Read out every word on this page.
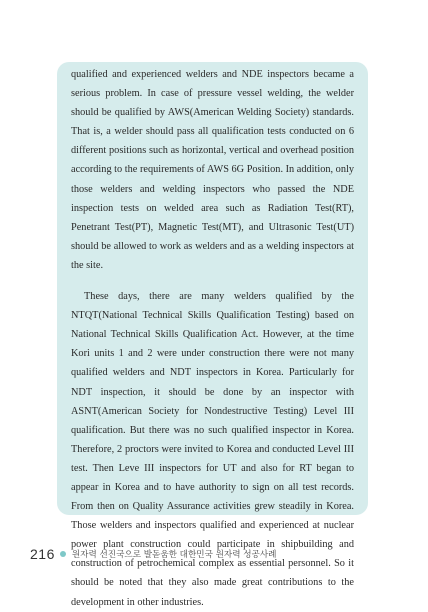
qualified and experienced welders and NDE inspectors became a serious problem. In case of pressure vessel welding, the welder should be qualified by AWS(American Welding Society) standards. That is, a welder should pass all qualification tests conducted on 6 different positions such as horizontal, vertical and overhead position according to the requirements of AWS 6G Position. In addition, only those welders and welding inspectors who passed the NDE inspection tests on welded area such as Radiation Test(RT), Penetrant Test(PT), Magnetic Test(MT), and Ultrasonic Test(UT) should be allowed to work as welders and as a welding inspectors at the site.

These days, there are many welders qualified by the NTQT(National Technical Skills Qualification Testing) based on National Technical Skills Qualification Act. However, at the time Kori units 1 and 2 were under construction there were not many qualified welders and NDT inspectors in Korea. Particularly for NDT inspection, it should be done by an inspector with ASNT(American Society for Nondestructive Testing) Level III qualification. But there was no such qualified inspector in Korea. Therefore, 2 proctors were invited to Korea and conducted Level III test. Then Leve III inspectors for UT and also for RT began to appear in Korea and to have authority to sign on all test records. From then on Quality Assurance activities grew steadily in Korea. Those welders and inspectors qualified and experienced at nuclear power plant construction could participate in shipbuilding and construction of petrochemical complex as essential personnel. So it should be noted that they also made great contributions to the development in other industries.

216 원자력 선진국으로 발돋움한 대한민국 원자력 성공사례
